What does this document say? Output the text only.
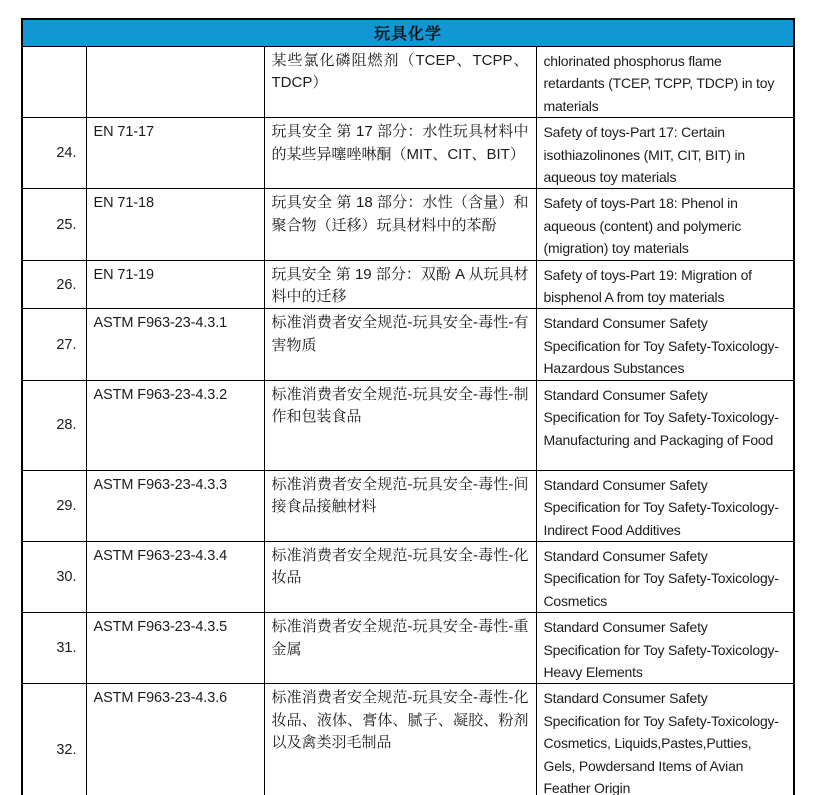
玩具化学			
		某些氯化磷阻燃剂（TCEP、TCPP、TDCP）	chlorinated phosphorus flame retardants (TCEP, TCPP, TDCP) in toy materials
24.	EN 71-17	玩具安全 第 17 部分：水性玩具材料中的某些异噻唑啉酮（MIT、CIT、BIT）	Safety of toys-Part 17: Certain isothiazolinones (MIT, CIT, BIT) in aqueous toy materials
25.	EN 71-18	玩具安全 第 18 部分：水性（含量）和聚合物（迁移）玩具材料中的苯酚	Safety of toys-Part 18: Phenol in aqueous (content) and polymeric (migration) toy materials
26.	EN 71-19	玩具安全 第 19 部分：双酚 A 从玩具材料中的迁移	Safety of toys-Part 19: Migration of bisphenol A from toy materials
27.	ASTM F963-23-4.3.1	标准消费者安全规范-玩具安全-毒性-有害物质	Standard Consumer Safety Specification for Toy Safety-Toxicology-Hazardous Substances
28.	ASTM F963-23-4.3.2	标准消费者安全规范-玩具安全-毒性-制作和包装食品	Standard Consumer Safety Specification for Toy Safety-Toxicology-Manufacturing and Packaging of Food
29.	ASTM F963-23-4.3.3	标准消费者安全规范-玩具安全-毒性-间接食品接触材料	Standard Consumer Safety Specification for Toy Safety-Toxicology-Indirect Food Additives
30.	ASTM F963-23-4.3.4	标准消费者安全规范-玩具安全-毒性-化妆品	Standard Consumer Safety Specification for Toy Safety-Toxicology-Cosmetics
31.	ASTM F963-23-4.3.5	标准消费者安全规范-玩具安全-毒性-重金属	Standard Consumer Safety Specification for Toy Safety-Toxicology-Heavy Elements
32.	ASTM F963-23-4.3.6	标准消费者安全规范-玩具安全-毒性-化妆品、液体、膏体、腻子、凝胶、粉剂以及禽类羽毛制品	Standard Consumer Safety Specification for Toy Safety-Toxicology-Cosmetics, Liquids,Pastes,Putties, Gels, Powdersand Items of Avian Feather Origin
